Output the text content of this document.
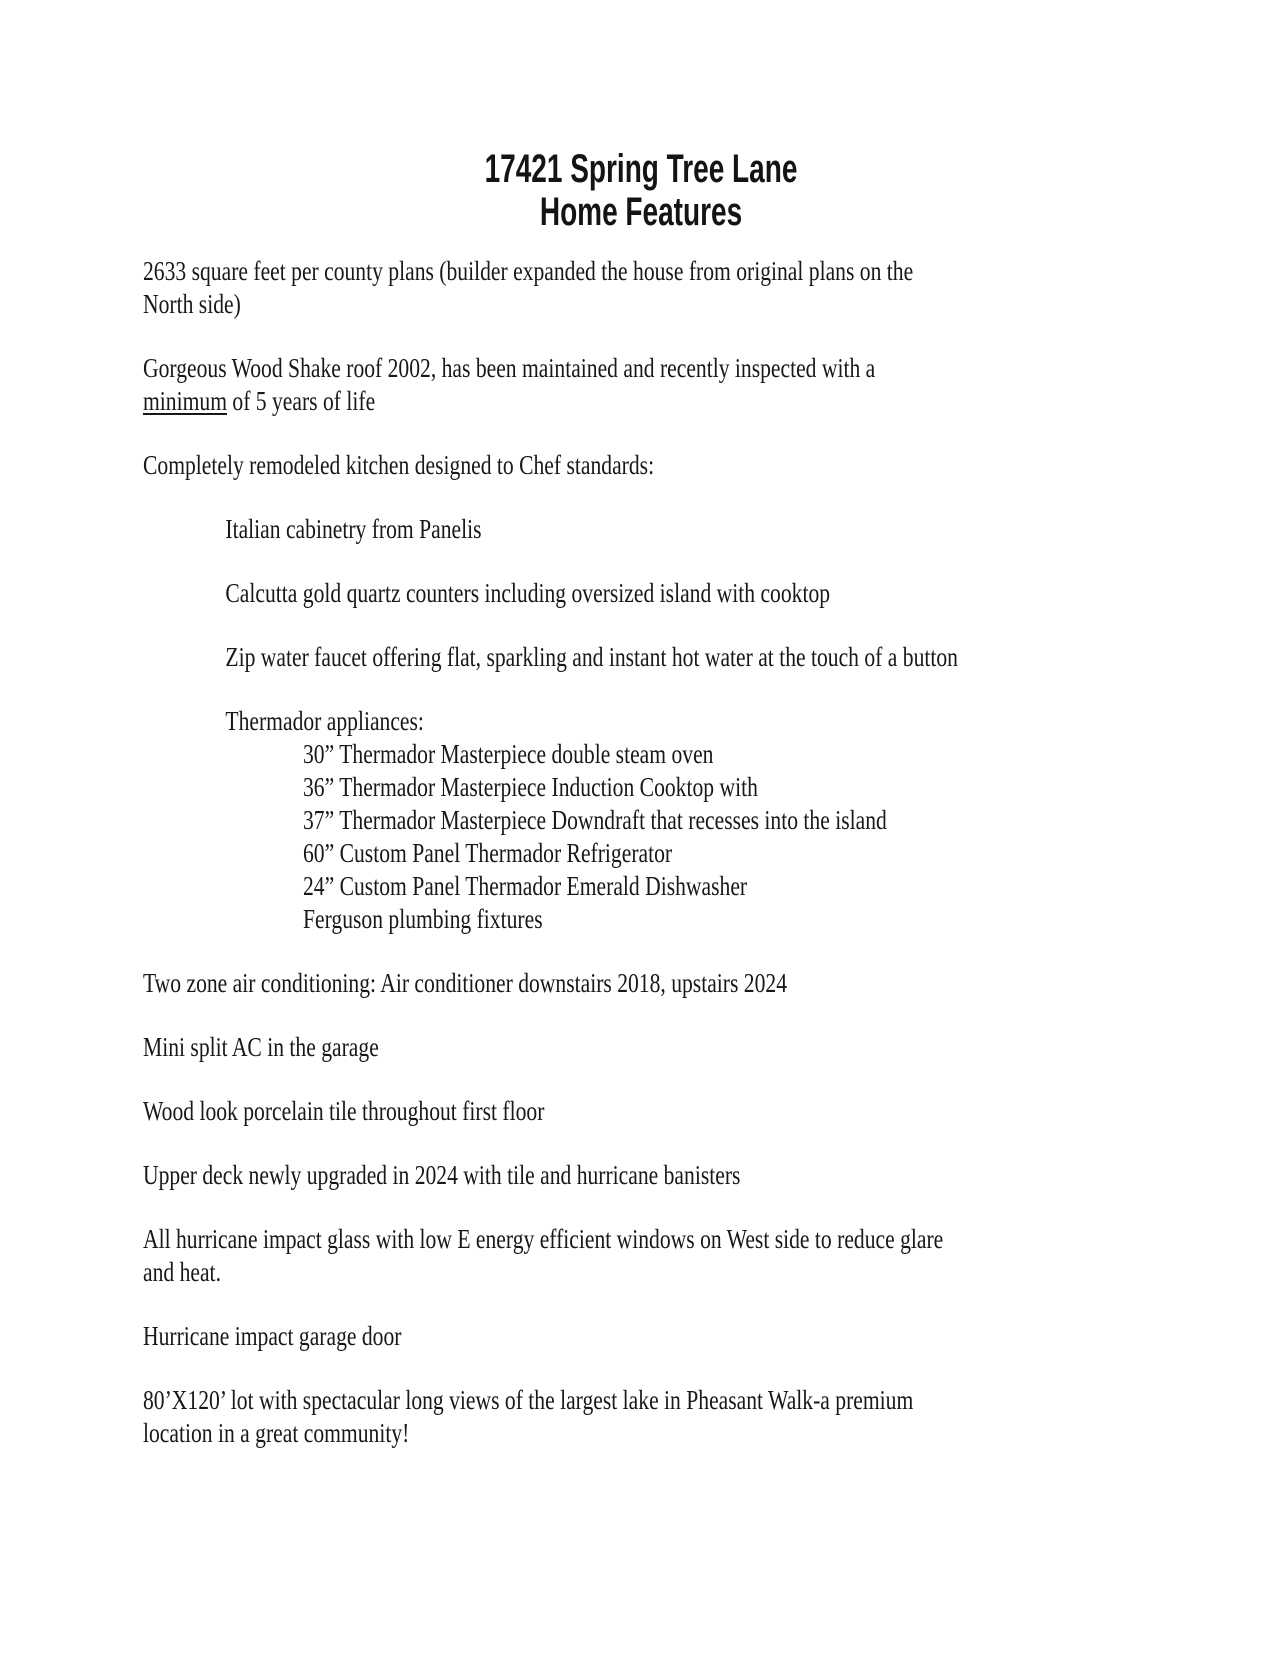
17421 Spring Tree Lane
Home Features
2633 square feet per county plans (builder expanded the house from original plans on the
North side)
Gorgeous Wood Shake roof 2002, has been maintained and recently inspected with a
minimum of 5 years of life
Completely remodeled kitchen designed to Chef standards:
Italian cabinetry from Panelis
Calcutta gold quartz counters including oversized island with cooktop
Zip water faucet offering flat, sparkling and instant hot water at the touch of a button
Thermador appliances:
30” Thermador Masterpiece double steam oven
36” Thermador Masterpiece Induction Cooktop with
37” Thermador Masterpiece Downdraft that recesses into the island
60” Custom Panel Thermador Refrigerator
24” Custom Panel Thermador Emerald Dishwasher
Ferguson plumbing fixtures
Two zone air conditioning: Air conditioner downstairs 2018, upstairs 2024
Mini split AC in the garage
Wood look porcelain tile throughout first floor
Upper deck newly upgraded in 2024 with tile and hurricane banisters
All hurricane impact glass with low E energy efficient windows on West side to reduce glare
and heat.
Hurricane impact garage door
80’X120’ lot with spectacular long views of the largest lake in Pheasant Walk-a premium
location in a great community!
